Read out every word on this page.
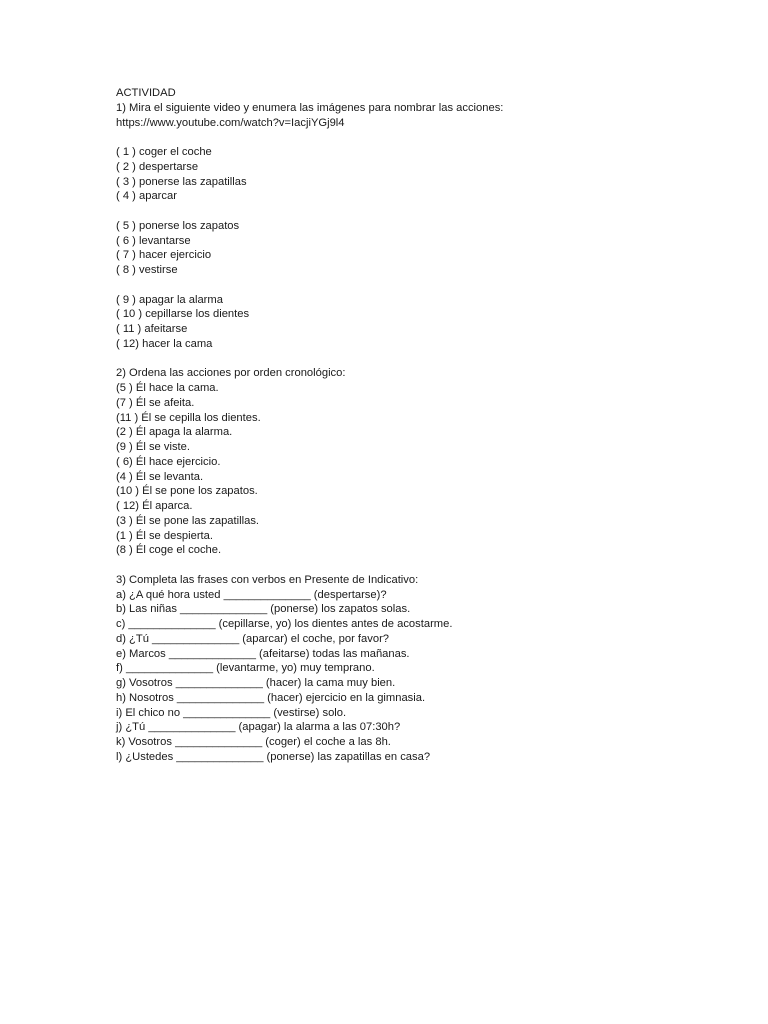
ACTIVIDAD
1) Mira el siguiente video y enumera las imágenes para nombrar las acciones:
https://www.youtube.com/watch?v=IacjiYGj9l4
( 1 ) coger el coche
( 2 ) despertarse
( 3 ) ponerse las zapatillas
( 4 ) aparcar
( 5 ) ponerse los zapatos
( 6 ) levantarse
( 7 ) hacer ejercicio
( 8 ) vestirse
( 9 ) apagar la alarma
( 10 ) cepillarse los dientes
( 11 ) afeitarse
( 12) hacer la cama
2) Ordena las acciones por orden cronológico:
(5 ) Él hace la cama.
(7 ) Él se afeita.
(11 ) Él se cepilla los dientes.
(2 ) Él apaga la alarma.
(9 ) Él se viste.
( 6) Él hace ejercicio.
(4 ) Él se levanta.
(10 ) Él se pone los zapatos.
( 12) Él aparca.
(3 ) Él se pone las zapatillas.
(1 ) Él se despierta.
(8 ) Él coge el coche.
3) Completa las frases con verbos en Presente de Indicativo:
a) ¿A qué hora usted ______________ (despertarse)?
b) Las niñas ______________ (ponerse) los zapatos solas.
c) ______________ (cepillarse, yo) los dientes antes de acostarme.
d) ¿Tú ______________ (aparcar) el coche, por favor?
e) Marcos ______________ (afeitarse) todas las mañanas.
f) ______________ (levantarme, yo) muy temprano.
g) Vosotros ______________ (hacer) la cama muy bien.
h) Nosotros ______________ (hacer) ejercicio en la gimnasia.
i) El chico no ______________ (vestirse) solo.
j) ¿Tú ______________ (apagar) la alarma a las 07:30h?
k) Vosotros ______________ (coger) el coche a las 8h.
l) ¿Ustedes ______________ (ponerse) las zapatillas en casa?
